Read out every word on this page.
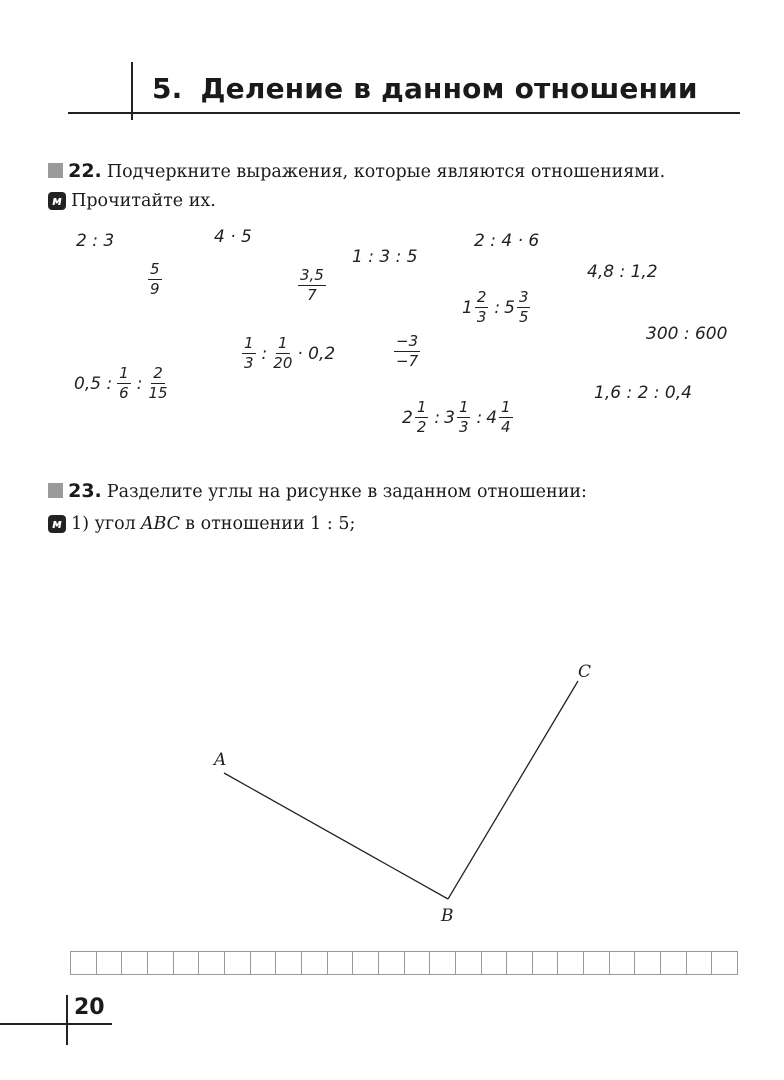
5. Деление в данном отношении
22. Подчеркните выражения, которые являются отношениями.
м Прочитайте их.
2 : 3	4 · 5
1 : 3 : 5
2 : 4 · 6
5
9
3,5
7
4,8 : 1,2
1
2
3 : 5
3
5
300 : 600
1
3 :
1
20 · 0,2
−3
−7
0,5 :
1
6 :
2
15	1,6 : 2 : 0,4
2
1
2 : 3
1
3 : 4
1
4
23. Разделите углы на рисунке в заданном отношении:
м 1) угол ABC в отношении 1 : 5;
A
B
C
20
